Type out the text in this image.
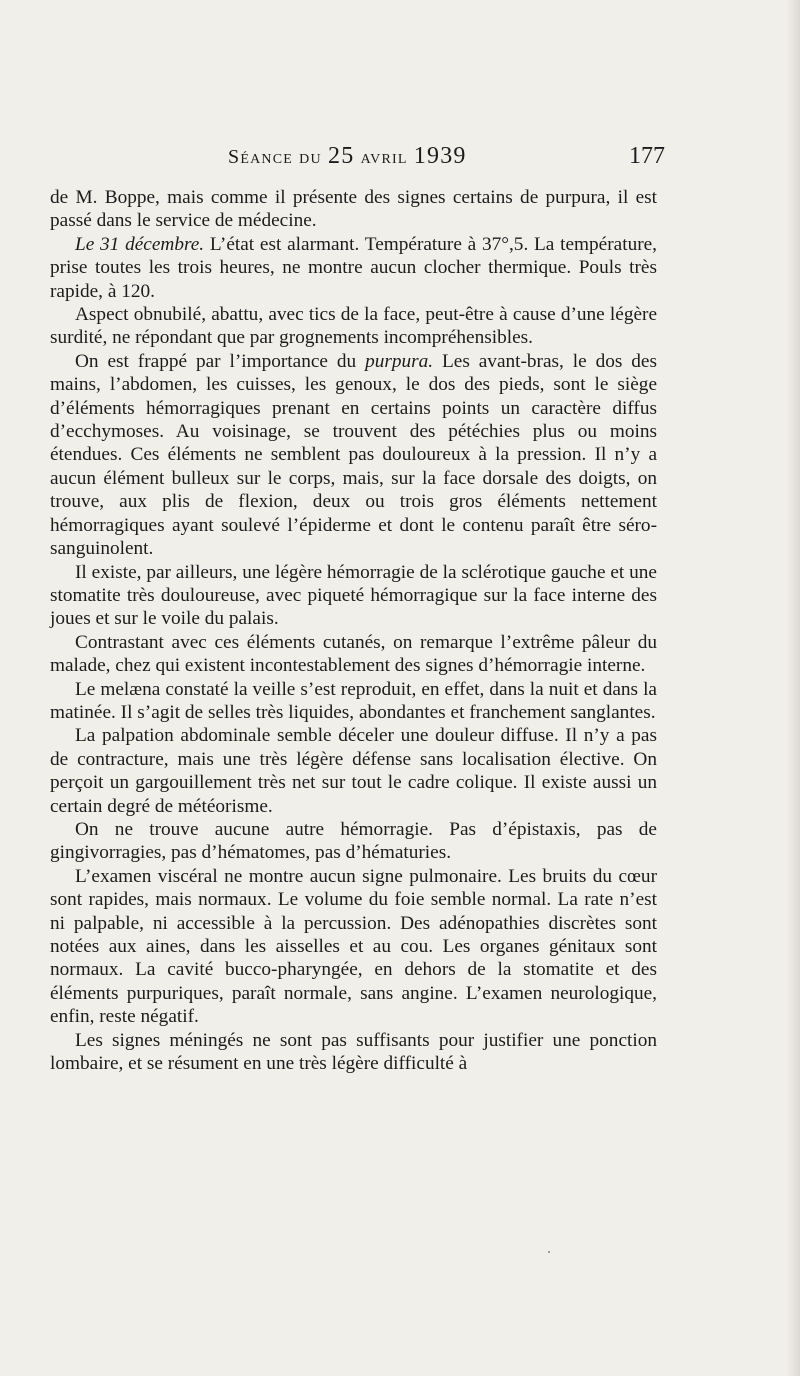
Séance du 25 avril 1939	177

de M. Boppe, mais comme il présente des signes certains de purpura, il est passé dans le service de médecine.

Le 31 décembre. L’état est alarmant. Température à 37°,5. La température, prise toutes les trois heures, ne montre aucun clocher thermique. Pouls très rapide, à 120.

Aspect obnubilé, abattu, avec tics de la face, peut-être à cause d’une légère surdité, ne répondant que par grognements incompréhensibles.

On est frappé par l’importance du purpura. Les avant-bras, le dos des mains, l’abdomen, les cuisses, les genoux, le dos des pieds, sont le siège d’éléments hémorragiques prenant en certains points un caractère diffus d’ecchymoses. Au voisinage, se trouvent des pétéchies plus ou moins étendues. Ces éléments ne semblent pas douloureux à la pression. Il n’y a aucun élément bulleux sur le corps, mais, sur la face dorsale des doigts, on trouve, aux plis de flexion, deux ou trois gros éléments nettement hémorragiques ayant soulevé l’épiderme et dont le contenu paraît être séro-sanguinolent.

Il existe, par ailleurs, une légère hémorragie de la sclérotique gauche et une stomatite très douloureuse, avec piqueté hémorragique sur la face interne des joues et sur le voile du palais.

Contrastant avec ces éléments cutanés, on remarque l’extrême pâleur du malade, chez qui existent incontestablement des signes d’hémorragie interne.

Le melæna constaté la veille s’est reproduit, en effet, dans la nuit et dans la matinée. Il s’agit de selles très liquides, abondantes et franchement sanglantes.

La palpation abdominale semble déceler une douleur diffuse. Il n’y a pas de contracture, mais une très légère défense sans localisation élective. On perçoit un gargouillement très net sur tout le cadre colique. Il existe aussi un certain degré de météorisme.

On ne trouve aucune autre hémorragie. Pas d’épistaxis, pas de gingivorragies, pas d’hématomes, pas d’hématuries.

L’examen viscéral ne montre aucun signe pulmonaire. Les bruits du cœur sont rapides, mais normaux. Le volume du foie semble normal. La rate n’est ni palpable, ni accessible à la percussion. Des adénopathies discrètes sont notées aux aines, dans les aisselles et au cou. Les organes génitaux sont normaux. La cavité bucco-pharyngée, en dehors de la stomatite et des éléments purpuriques, paraît normale, sans angine. L’examen neurologique, enfin, reste négatif.

Les signes méningés ne sont pas suffisants pour justifier une ponction lombaire, et se résument en une très légère difficulté à
